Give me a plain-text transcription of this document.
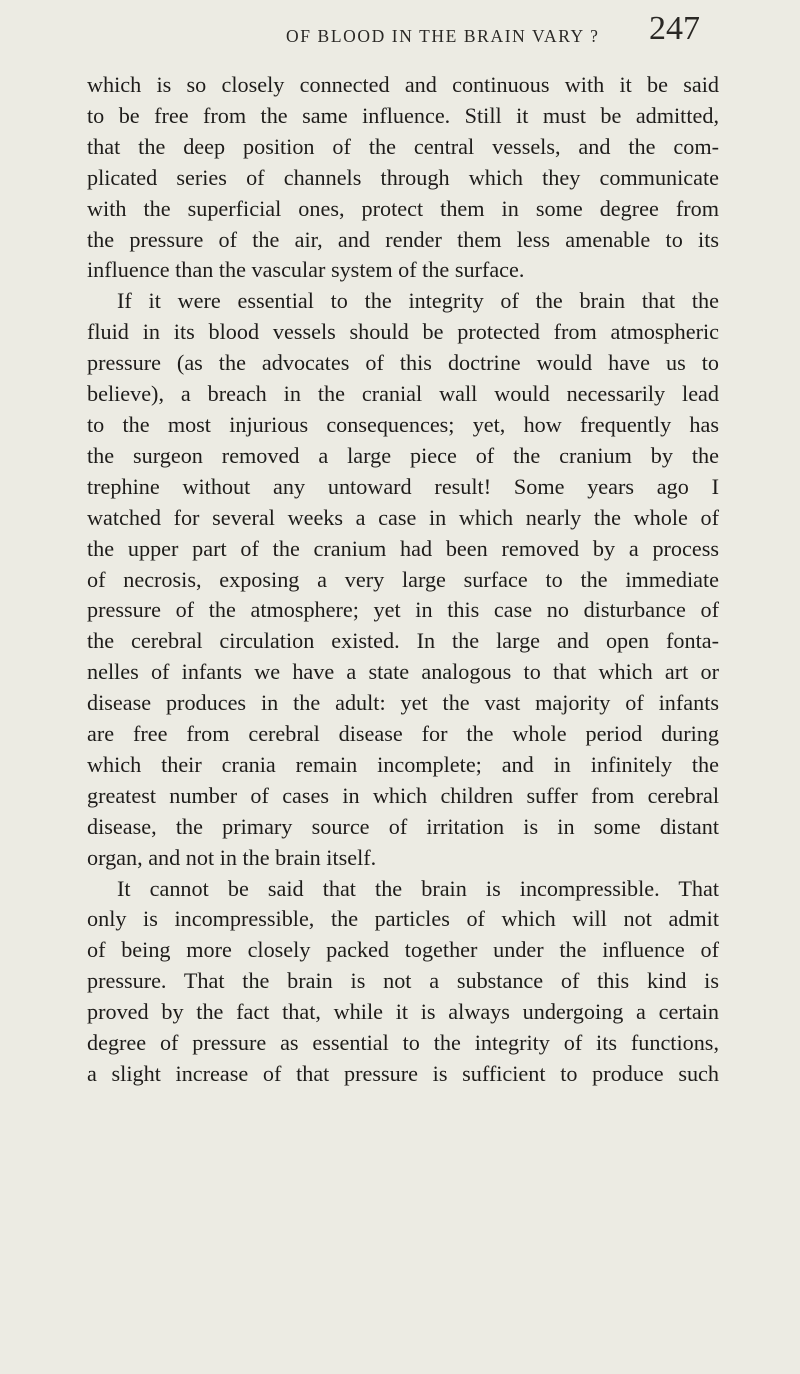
OF BLOOD IN THE BRAIN VARY ? 247

which is so closely connected and continuous with it be said
to be free from the same influence. Still it must be admitted,
that the deep position of the central vessels, and the com-
plicated series of channels through which they communicate
with the superficial ones, protect them in some degree from
the pressure of the air, and render them less amenable to its
influence than the vascular system of the surface.

If it were essential to the integrity of the brain that the
fluid in its blood vessels should be protected from atmospheric
pressure (as the advocates of this doctrine would have us to
believe), a breach in the cranial wall would necessarily lead
to the most injurious consequences; yet, how frequently has
the surgeon removed a large piece of the cranium by the
trephine without any untoward result! Some years ago I
watched for several weeks a case in which nearly the whole of
the upper part of the cranium had been removed by a process
of necrosis, exposing a very large surface to the immediate
pressure of the atmosphere; yet in this case no disturbance of
the cerebral circulation existed. In the large and open fonta-
nelles of infants we have a state analogous to that which art or
disease produces in the adult: yet the vast majority of infants
are free from cerebral disease for the whole period during
which their crania remain incomplete; and in infinitely the
greatest number of cases in which children suffer from cerebral
disease, the primary source of irritation is in some distant
organ, and not in the brain itself.

It cannot be said that the brain is incompressible. That
only is incompressible, the particles of which will not admit
of being more closely packed together under the influence of
pressure. That the brain is not a substance of this kind is
proved by the fact that, while it is always undergoing a certain
degree of pressure as essential to the integrity of its functions,
a slight increase of that pressure is sufficient to produce such
